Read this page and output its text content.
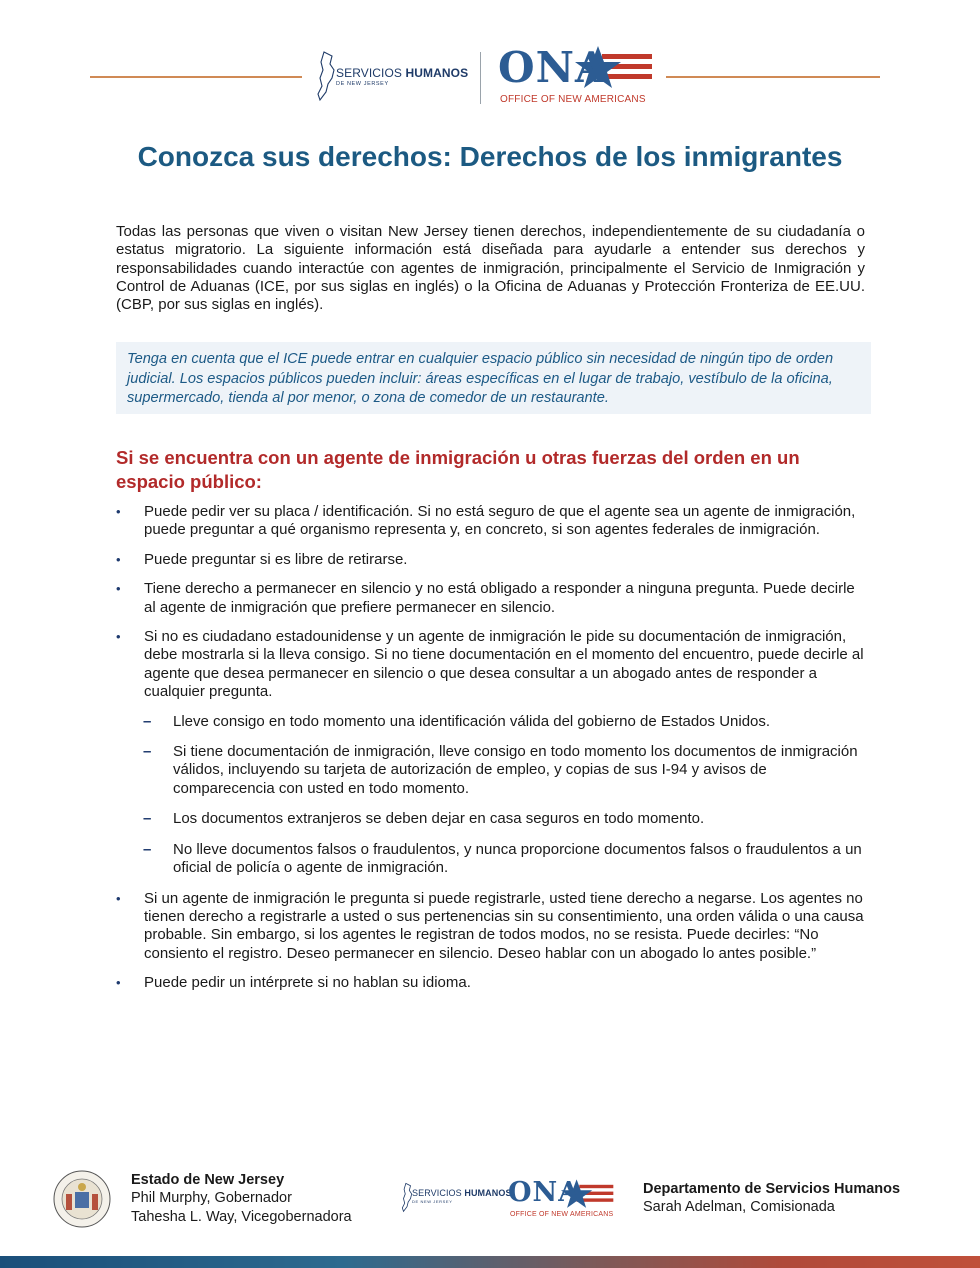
SERVICIOS HUMANOS
DE NEW JERSEY	ONA
OFFICE OF NEW AMERICANS
Conozca sus derechos: Derechos de los inmigrantes

Todas las personas que viven o visitan New Jersey tienen derechos, independientemente de su ciudadanía o estatus migratorio. La siguiente información está diseñada para ayudarle a entender sus derechos y responsabilidades cuando interactúe con agentes de inmigración, principalmente el Servicio de Inmigración y Control de Aduanas (ICE, por sus siglas en inglés) o la Oficina de Aduanas y Protección Fronteriza de EE.UU. (CBP, por sus siglas en inglés).

Tenga en cuenta que el ICE puede entrar en cualquier espacio público sin necesidad de ningún tipo de orden judicial. Los espacios públicos pueden incluir: áreas específicas en el lugar de trabajo, vestíbulo de la oficina, supermercado, tienda al por menor, o zona de comedor de un restaurante.
Si se encuentra con un agente de inmigración u otras fuerzas del orden en un espacio público:
• Puede pedir ver su placa / identificación. Si no está seguro de que el agente sea un agente de inmigración, puede preguntar a qué organismo representa y, en concreto, si son agentes federales de inmigración.
• Puede preguntar si es libre de retirarse.
• Tiene derecho a permanecer en silencio y no está obligado a responder a ninguna pregunta. Puede decirle al agente de inmigración que prefiere permanecer en silencio.
• Si no es ciudadano estadounidense y un agente de inmigración le pide su documentación de inmigración, debe mostrarla si la lleva consigo. Si no tiene documentación en el momento del encuentro, puede decirle al agente que desea permanecer en silencio o que desea consultar a un abogado antes de responder a cualquier pregunta.
– Lleve consigo en todo momento una identificación válida del gobierno de Estados Unidos.
– Si tiene documentación de inmigración, lleve consigo en todo momento los documentos de inmigración válidos, incluyendo su tarjeta de autorización de empleo, y copias de sus I-94 y avisos de comparecencia con usted en todo momento.
– Los documentos extranjeros se deben dejar en casa seguros en todo momento.
– No lleve documentos falsos o fraudulentos, y nunca proporcione documentos falsos o fraudulentos a un oficial de policía o agente de inmigración.
• Si un agente de inmigración le pregunta si puede registrarle, usted tiene derecho a negarse. Los agentes no tienen derecho a registrarle a usted o sus pertenencias sin su consentimiento, una orden válida o una causa probable. Sin embargo, si los agentes le registran de todos modos, no se resista. Puede decirles: “No consiento el registro. Deseo permanecer en silencio. Deseo hablar con un abogado lo antes posible.”
• Puede pedir un intérprete si no hablan su idioma.
Estado de New Jersey
Phil Murphy, Gobernador
Tahesha L. Way, Vicegobernadora
SERVICIOS HUMANOS
DE NEW JERSEY ONA
OFFICE OF NEW AMERICANS
Departamento de Servicios Humanos
Sarah Adelman, Comisionada
